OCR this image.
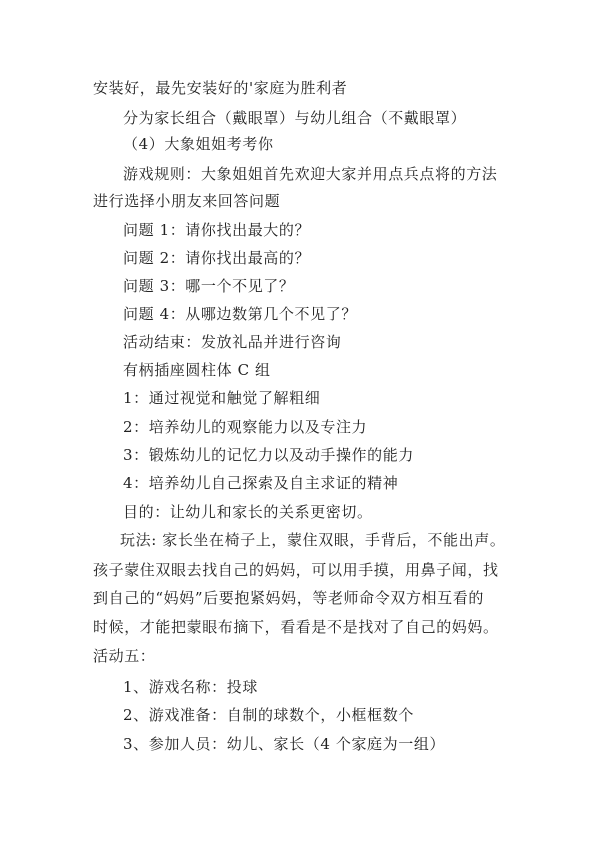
安装好，最先安装好的'家庭为胜利者
分为家长组合（戴眼罩）与幼儿组合（不戴眼罩）
（4）大象姐姐考考你
游戏规则：大象姐姐首先欢迎大家并用点兵点将的方法
进行选择小朋友来回答问题
问题 1：请你找出最大的？
问题 2：请你找出最高的？
问题 3：哪一个不见了？
问题 4：从哪边数第几个不见了？
活动结束：发放礼品并进行咨询
有柄插座圆柱体 C 组
1：通过视觉和触觉了解粗细
2：培养幼儿的观察能力以及专注力
3：锻炼幼儿的记忆力以及动手操作的能力
4：培养幼儿自己探索及自主求证的精神
目的：让幼儿和家长的关系更密切。
玩法: 家长坐在椅子上，蒙住双眼，手背后，不能出声。
孩子蒙住双眼去找自己的妈妈，可以用手摸，用鼻子闻，找
到自己的“妈妈”后要抱紧妈妈，等老师命令双方相互看的
时候，才能把蒙眼布摘下，看看是不是找对了自己的妈妈。
活动五：
1、游戏名称：投球
2、游戏准备：自制的球数个，小框框数个
3、参加人员：幼儿、家长（4 个家庭为一组）
